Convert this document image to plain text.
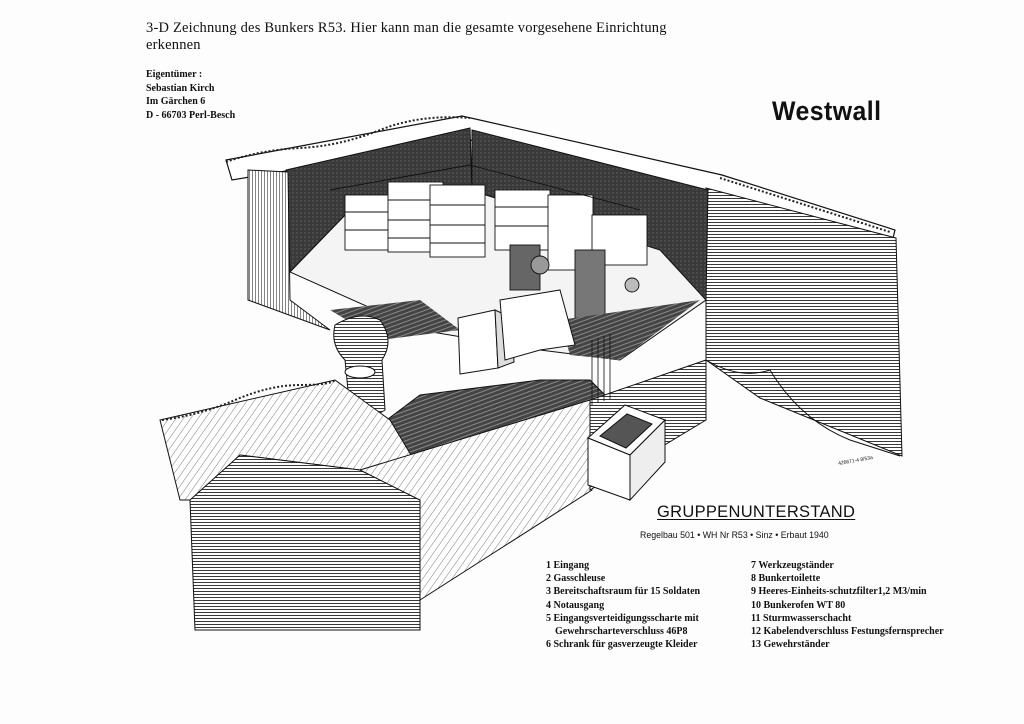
3-D Zeichnung des Bunkers R53. Hier kann man die gesamte vorgesehene Einrichtung
erkennen
Eigentümer :
Sebastian Kirch
Im Gärchen 6
D - 66703 Perl-Besch	Westwall
426671-4 8/53a
GRUPPENUNTERSTAND
Regelbau 501 • WH Nr R53 • Sinz • Erbaut 1940
1 Eingang
2 Gasschleuse
3 Bereitschaftsraum für 15 Soldaten
4 Notausgang
5 Eingangsverteidigungsscharte mit
Gewehrscharteverschluss 46P8
6 Schrank für gasverzeugte Kleider
7 Werkzeugständer
8 Bunkertoilette
9 Heeres-Einheits-schutzfilter1,2 M3/min
10 Bunkerofen WT 80
11 Sturmwasserschacht
12 Kabelendverschluss Festungsfernsprecher
13 Gewehrständer
